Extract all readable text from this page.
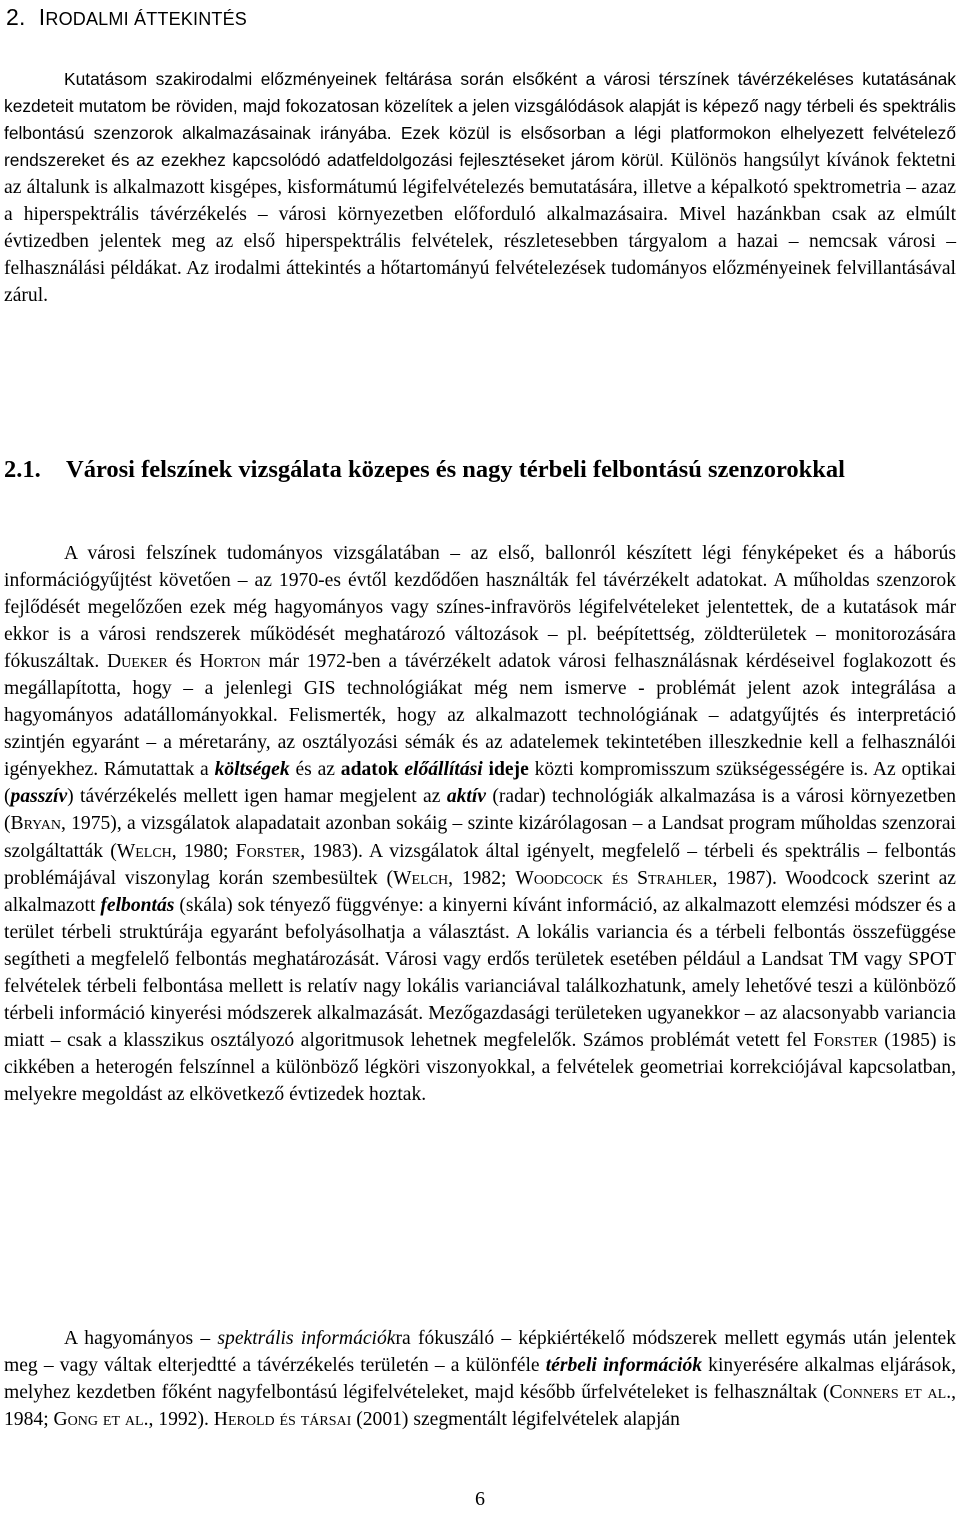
2. IRODALMI ÁTTEKINTÉS

Kutatásom szakirodalmi előzményeinek feltárása során elsőként a városi térszínek távérzékeléses kutatásának kezdeteit mutatom be röviden, majd fokozatosan közelítek a jelen vizsgálódások alapját is képező nagy térbeli és spektrális felbontású szenzorok alkalmazásainak irányába. Ezek közül is elsősorban a légi platformokon elhelyezett felvételező rendszereket és az ezekhez kapcsolódó adatfeldolgozási fejlesztéseket járom körül. Különös hangsúlyt kívánok fektetni az általunk is alkalmazott kisgépes, kisformátumú légifelvételezés bemutatására, illetve a képalkotó spektrometria – azaz a hiperspektrális távérzékelés – városi környezetben előforduló alkalmazásaira. Mivel hazánkban csak az elmúlt évtizedben jelentek meg az első hiperspektrális felvételek, részletesebben tárgyalom a hazai – nemcsak városi – felhasználási példákat. Az irodalmi áttekintés a hőtartományú felvételezések tudományos előzményeinek felvillantásával zárul.

2.1. Városi felszínek vizsgálata közepes és nagy térbeli felbontású szenzorokkal

A városi felszínek tudományos vizsgálatában – az első, ballonról készített légi fényképeket és a háborús információgyűjtést követően – az 1970-es évtől kezdődően használták fel távérzékelt adatokat. A műholdas szenzorok fejlődését megelőzően ezek még hagyományos vagy színes-infravörös légifelvételeket jelentettek, de a kutatások már ekkor is a városi rendszerek működését meghatározó változások – pl. beépítettség, zöldterületek – monitorozására fókuszáltak. Dueker és Horton már 1972-ben a távérzékelt adatok városi felhasználásnak kérdéseivel foglakozott és megállapította, hogy – a jelenlegi GIS technológiákat még nem ismerve - problémát jelent azok integrálása a hagyományos adatállományokkal. Felismerték, hogy az alkalmazott technológiának – adatgyűjtés és interpretáció szintjén egyaránt – a méretarány, az osztályozási sémák és az adatelemek tekintetében illeszkednie kell a felhasználói igényekhez. Rámutattak a költségek és az adatok előállítási ideje közti kompromisszum szükségességére is. Az optikai (passzív) távérzékelés mellett igen hamar megjelent az aktív (radar) technológiák alkalmazása is a városi környezetben (Bryan, 1975), a vizsgálatok alapadatait azonban sokáig – szinte kizárólagosan – a Landsat program műholdas szenzorai szolgáltatták (Welch, 1980; Forster, 1983). A vizsgálatok által igényelt, megfelelő – térbeli és spektrális – felbontás problémájával viszonylag korán szembesültek (Welch, 1982; Woodcock és Strahler, 1987). Woodcock szerint az alkalmazott felbontás (skála) sok tényező függvénye: a kinyerni kívánt információ, az alkalmazott elemzési módszer és a terület térbeli struktúrája egyaránt befolyásolhatja a választást. A lokális variancia és a térbeli felbontás összefüggése segítheti a megfelelő felbontás meghatározását. Városi vagy erdős területek esetében például a Landsat TM vagy SPOT felvételek térbeli felbontása mellett is relatív nagy lokális varianciával találkozhatunk, amely lehetővé teszi a különböző térbeli információ kinyerési módszerek alkalmazását. Mezőgazdasági területeken ugyanekkor – az alacsonyabb variancia miatt – csak a klasszikus osztályozó algoritmusok lehetnek megfelelők. Számos problémát vetett fel Forster (1985) is cikkében a heterogén felszínnel a különböző légköri viszonyokkal, a felvételek geometriai korrekciójával kapcsolatban, melyekre megoldást az elkövetkező évtizedek hoztak.

A hagyományos – spektrális információkra fókuszáló – képkiértékelő módszerek mellett egymás után jelentek meg – vagy váltak elterjedtté a távérzékelés területén – a különféle térbeli információk kinyerésére alkalmas eljárások, melyhez kezdetben főként nagyfelbontású légifelvételeket, majd később űrfelvételeket is felhasználtak (Conners et al., 1984; Gong et al., 1992). Herold és társai (2001) szegmentált légifelvételek alapján

6
